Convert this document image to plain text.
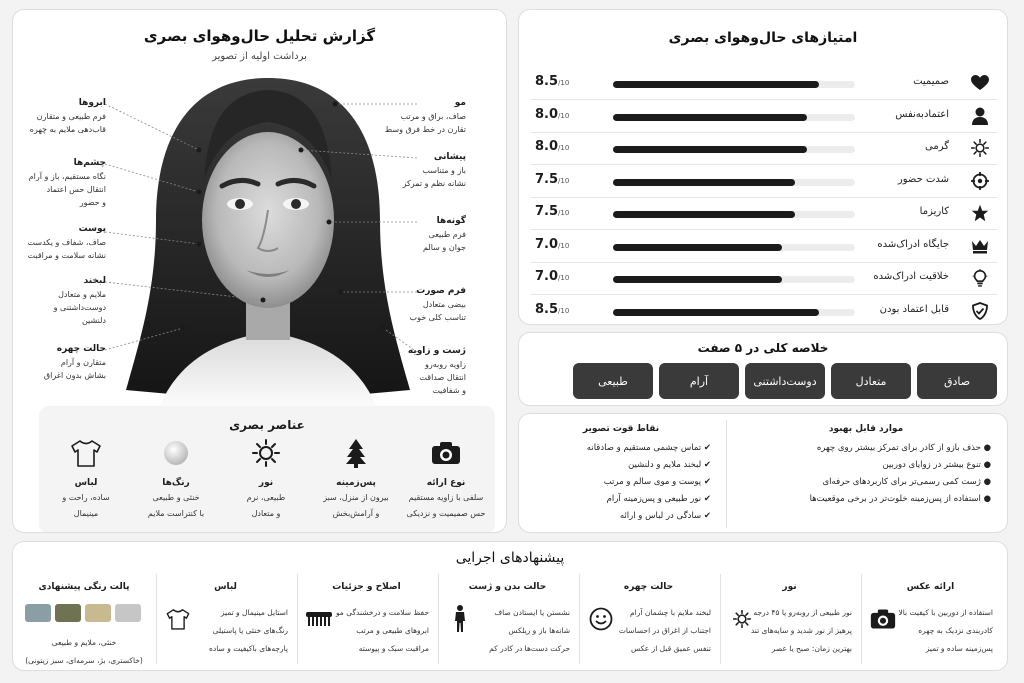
گزارش تحلیل حال‌وهوای بصری
برداشت اولیه از تصویر
ابروها

فرم طبیعی و متقارن

قاب‌دهی ملایم به چهره

چشم‌ها

نگاه مستقیم، باز و آرام

انتقال حس اعتماد

و حضور

پوست

صاف، شفاف و یکدست

نشانه سلامت و مراقبت

لبخند

ملایم و متعادل

دوست‌داشتنی و

دلنشین

حالت چهره

متقارن و آرام

بشاش بدون اغراق

مو

صاف، براق و مرتب

تقارن در خط فرق وسط

پیشانی

باز و متناسب

نشانه نظم و تمرکز

گونه‌ها

فرم طبیعی

جوان و سالم

فرم صورت

بیضی متعادل

تناسب کلی خوب

ژست و زاویه

زاویه روبه‌رو

انتقال صداقت

و شفافیت

عناصر بصری
نوع ارائه

سلفی با زاویه مستقیم

حس صمیمیت و نزدیکی

پس‌زمینه

بیرون از منزل، سبز

و آرامش‌بخش

نور

طبیعی، نرم

و متعادل

رنگ‌ها

خنثی و طبیعی

با کنتراست ملایم

لباس

ساده، راحت و

مینیمال

امتیازهای حال‌وهوای بصری
صمیمیت
8.5/10
اعتمادبه‌نفس
8.0/10
گرمی
8.0/10
شدت حضور
7.5/10
کاریزما
7.5/10
جایگاه ادراک‌شده
7.0/10
خلاقیت ادراک‌شده
7.0/10
قابل اعتماد بودن
8.5/10
خلاصه کلی در ۵ صفت
صادق
متعادل
دوست‌داشتنی
آرام
طبیعی
موارد قابل بهبود
● حذف بازو از کادر برای تمرکز بیشتر روی چهره
● تنوع بیشتر در زوایای دوربین
● ژست کمی رسمی‌تر برای کاربردهای حرفه‌ای
● استفاده از پس‌زمینه خلوت‌تر در برخی موقعیت‌ها
نقاط قوت تصویر
✔ تماس چشمی مستقیم و صادقانه
✔ لبخند ملایم و دلنشین
✔ پوست و موی سالم و مرتب
✔ نور طبیعی و پس‌زمینه آرام
✔ سادگی در لباس و ارائه
پیشنهادهای اجرایی
ارائه عکس
استفاده از دوربین با کیفیت بالا
کادربندی نزدیک به چهره
پس‌زمینه ساده و تمیز
نور
نور طبیعی از روبه‌رو یا ۴۵ درجه
پرهیز از نور شدید و سایه‌های تند
بهترین زمان: صبح یا عصر
حالت چهره
لبخند ملایم با چشمان آرام
اجتناب از اغراق در احساسات
تنفس عمیق قبل از عکس
حالت بدن و ژست
نشستن یا ایستادن صاف
شانه‌ها باز و ریلکس
حرکت دست‌ها در کادر کم
اصلاح و جزئیات
حفظ سلامت و درخشندگی مو
ابروهای طبیعی و مرتب
مراقبت سبک و پیوسته
لباس
استایل مینیمال و تمیز
رنگ‌های خنثی یا پاستیلی
پارچه‌های باکیفیت و ساده
پالت رنگی پیشنهادی
خنثی، ملایم و طبیعی
(خاکستری، بژ، سرمه‌ای، سبز زیتونی)
